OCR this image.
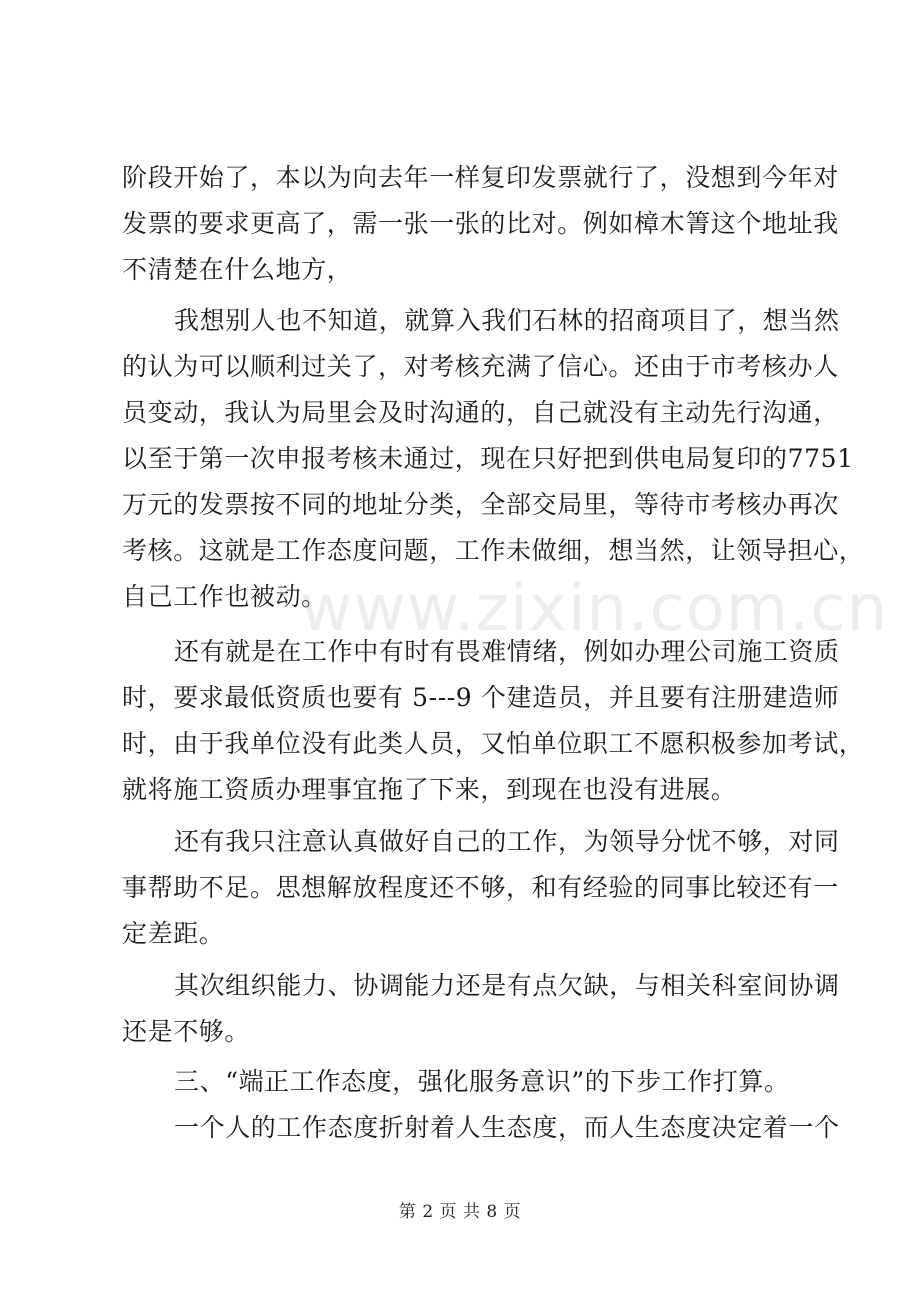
阶段开始了，本以为向去年一样复印发票就行了，没想到今年对
发票的要求更高了，需一张一张的比对。例如樟木箐这个地址我
不清楚在什么地方，
我想别人也不知道，就算入我们石林的招商项目了，想当然
的认为可以顺利过关了，对考核充满了信心。还由于市考核办人
员变动，我认为局里会及时沟通的，自己就没有主动先行沟通，
以至于第一次申报考核未通过，现在只好把到供电局复印的7751
万元的发票按不同的地址分类，全部交局里，等待市考核办再次
考核。这就是工作态度问题，工作未做细，想当然，让领导担心，
自己工作也被动。
还有就是在工作中有时有畏难情绪，例如办理公司施工资质
时，要求最低资质也要有 5---9 个建造员，并且要有注册建造师
时，由于我单位没有此类人员，又怕单位职工不愿积极参加考试，
就将施工资质办理事宜拖了下来，到现在也没有进展。
还有我只注意认真做好自己的工作，为领导分忧不够，对同
事帮助不足。思想解放程度还不够，和有经验的同事比较还有一
定差距。
其次组织能力、协调能力还是有点欠缺，与相关科室间协调
还是不够。
三、“端正工作态度，强化服务意识”的下步工作打算。
一个人的工作态度折射着人生态度，而人生态度决定着一个
www.zixin.com.cn
第 2 页 共 8 页
